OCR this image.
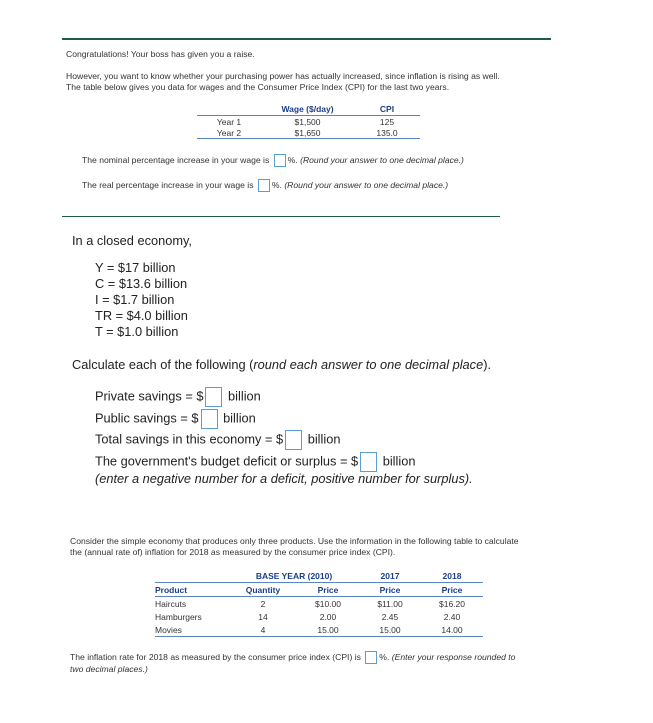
Congratulations! Your boss has given you a raise.
However, you want to know whether your purchasing power has actually increased, since inflation is rising as well.
The table below gives you data for wages and the Consumer Price Index (CPI) for the last two years.
	Wage ($/day)	CPI
Year 1	$1,500	125
Year 2	$1,650	135.0
The nominal percentage increase in your wage is %. (Round your answer to one decimal place.)
The real percentage increase in your wage is %. (Round your answer to one decimal place.)
In a closed economy,
Y = $17 billion
C = $13.6 billion
I = $1.7 billion
TR = $4.0 billion
T = $1.0 billion
Calculate each of the following (round each answer to one decimal place).
Private savings = $ billion
Public savings = $ billion
Total savings in this economy = $ billion
The government's budget deficit or surplus = $ billion
(enter a negative number for a deficit, positive number for surplus).
Consider the simple economy that produces only three products. Use the information in the following table to calculate
the (annual rate of) inflation for 2018 as measured by the consumer price index (CPI).
	BASE YEAR (2010)		2017	2018
Product	Quantity	Price	Price	Price
Haircuts	2	$10.00	$11.00	$16.20
Hamburgers	14	2.00	2.45	2.40
Movies	4	15.00	15.00	14.00
The inflation rate for 2018 as measured by the consumer price index (CPI) is %. (Enter your response rounded to
two decimal places.)
